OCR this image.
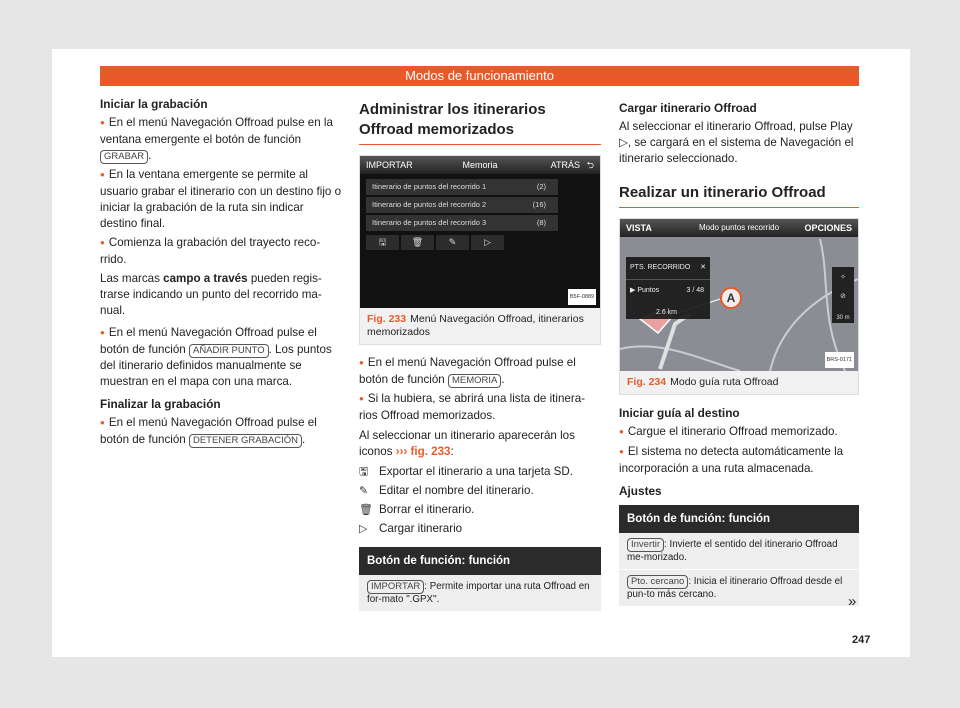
Modos de funcionamiento
Iniciar la grabación

● En el menú Navegación Offroad pulse en la ventana emergente el botón de función GRABAR .

● En la ventana emergente se permite al usuario grabar el itinerario con un destino fijo o iniciar la grabación de la ruta sin indicar destino final.

● Comienza la grabación del trayecto reco-rrido.

Las marcas campo a través pueden regis-trarse indicando un punto del recorrido ma-nual.

● En el menú Navegación Offroad pulse el botón de función AÑADIR PUNTO . Los puntos del itinerario definidos manualmente se muestran en el mapa con una marca.

Finalizar la grabación

● En el menú Navegación Offroad pulse el botón de función DETENER GRABACIÓN .

Administrar los itinerarios Offroad memorizados
IMPORTAR	Memoria	ATRÁS ⮌
Itinerario de puntos del recorrido 1	(2)
Itinerario de puntos del recorrido 2	(16)
Itinerario de puntos del recorrido 3	(8)
🖫	🗑	✎	▷
B5F-0889
Fig. 233 Menú Navegación Offroad, itinerarios memorizados

● En el menú Navegación Offroad pulse el botón de función MEMORIA .

● Si la hubiera, se abrirá una lista de itinera-rios Offroad memorizados.

Al seleccionar un itinerario aparecerán los iconos ››› fig. 233:

🖫 Exportar el itinerario a una tarjeta SD.
✎ Editar el nombre del itinerario.
🗑 Borrar el itinerario.
▷ Cargar itinerario
Botón de función: función
IMPORTAR : Permite importar una ruta Offroad en for-mato ".GPX".
Cargar itinerario Offroad

Al seleccionar el itinerario Offroad, pulse Play ▷, se cargará en el sistema de Navegación el itinerario seleccionado.

Realizar un itinerario Offroad
VISTA	Modo puntos recorrido	OPCIONES
PTS. RECORRIDO ✕
▶ Puntos	3 / 48
2.6 km
A
✧
⊘
30 m
BRS-0171
Fig. 234 Modo guía ruta Offroad
Iniciar guía al destino

● Cargue el itinerario Offroad memorizado.

● El sistema no detecta automáticamente la incorporación a una ruta almacenada.

Ajustes
Botón de función: función
Invertir : Invierte el sentido del itinerario Offroad me-morizado.
Pto. cercano : Inicia el itinerario Offroad desde el pun-to más cercano.	»
247
